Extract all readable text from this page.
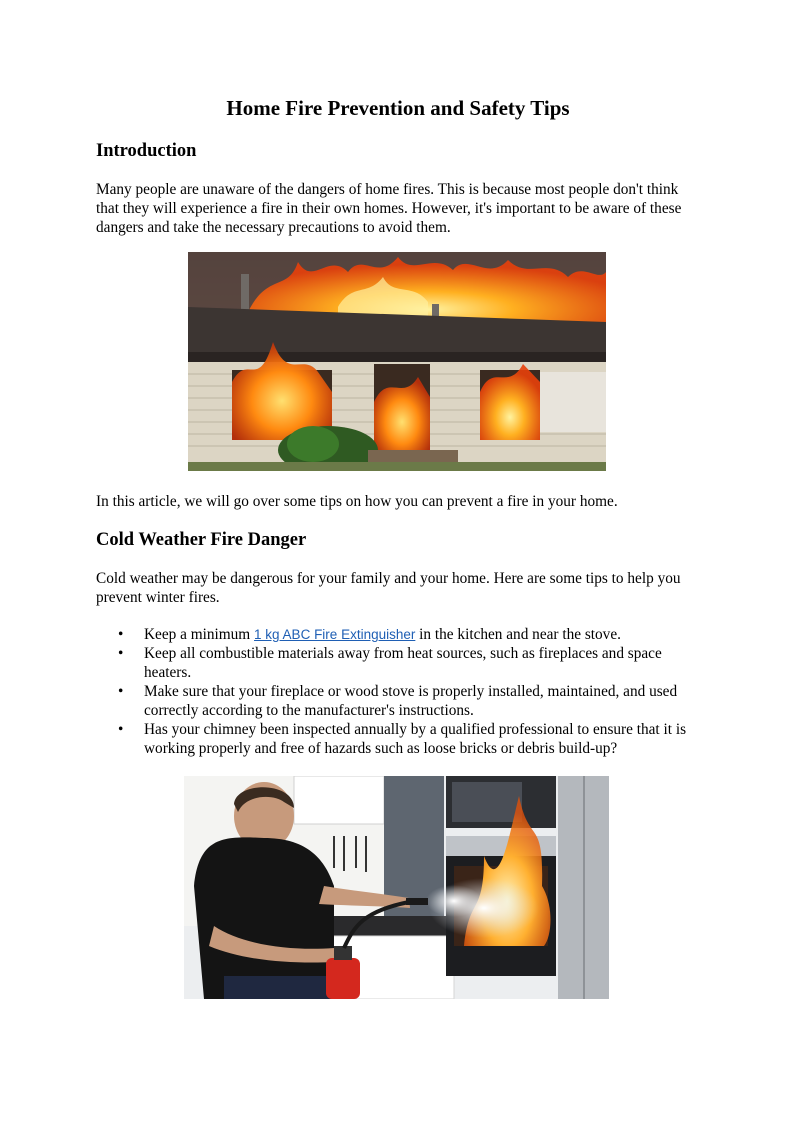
Home Fire Prevention and Safety Tips
Introduction

Many people are unaware of the dangers of home fires. This is because most people don't think that they will experience a fire in their own homes. However, it's important to be aware of these dangers and take the necessary precautions to avoid them.

In this article, we will go over some tips on how you can prevent a fire in your home.

Cold Weather Fire Danger

Cold weather may be dangerous for your family and your home. Here are some tips to help you prevent winter fires.

• Keep a minimum 1 kg ABC Fire Extinguisher in the kitchen and near the stove.
• Keep all combustible materials away from heat sources, such as fireplaces and space heaters.
• Make sure that your fireplace or wood stove is properly installed, maintained, and used correctly according to the manufacturer's instructions.
• Has your chimney been inspected annually by a qualified professional to ensure that it is working properly and free of hazards such as loose bricks or debris build-up?
